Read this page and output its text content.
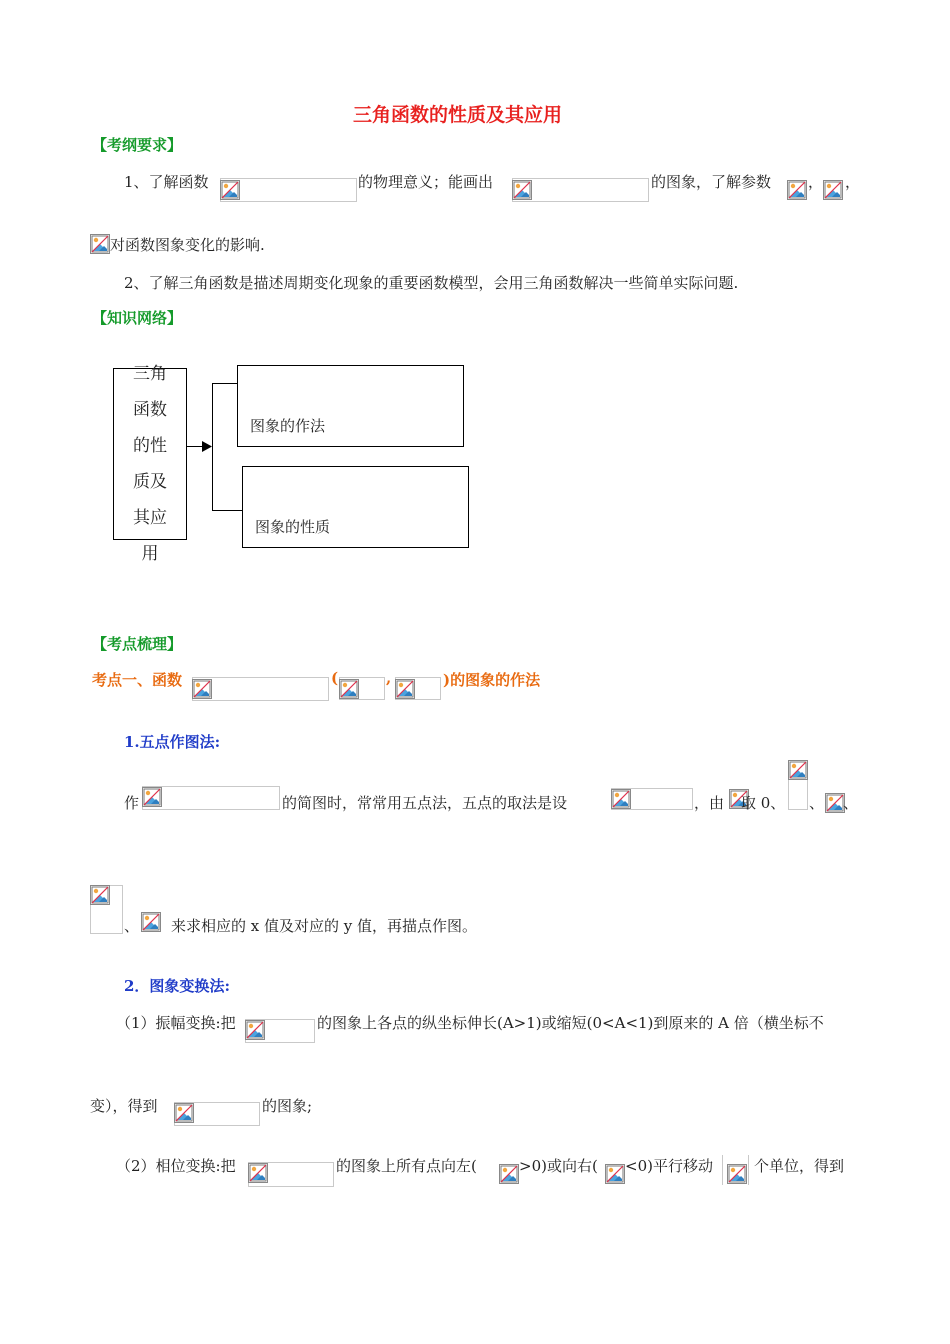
三角函数的性质及其应用
【考纲要求】
1、了解函数	的物理意义；能画出	的图象，了解参数 ， ，
对函数图象变化的影响.
2、了解三角函数是描述周期变化现象的重要函数模型，会用三角函数解决一些简单实际问题.
【知识网络】
三角
函数
的性
质及
其应
用
图象的作法
图象的性质
【考点梳理】
考点一、函数	(	,	)的图象的作法
1.五点作图法:
作	的简图时，常常用五点法，五点的取法是设	，由 取 0、 、 、
、 来求相应的 x 值及对应的 y 值，再描点作图。
2．图象变换法:
（1）振幅变换:把	的图象上各点的纵坐标伸长(A>1)或缩短(0<A<1)到原来的 A 倍（横坐标不
变），得到	的图象;
（2）相位变换:把	的图象上所有点向左(	>0)或向右( <0)平行移动	个单位，得到
